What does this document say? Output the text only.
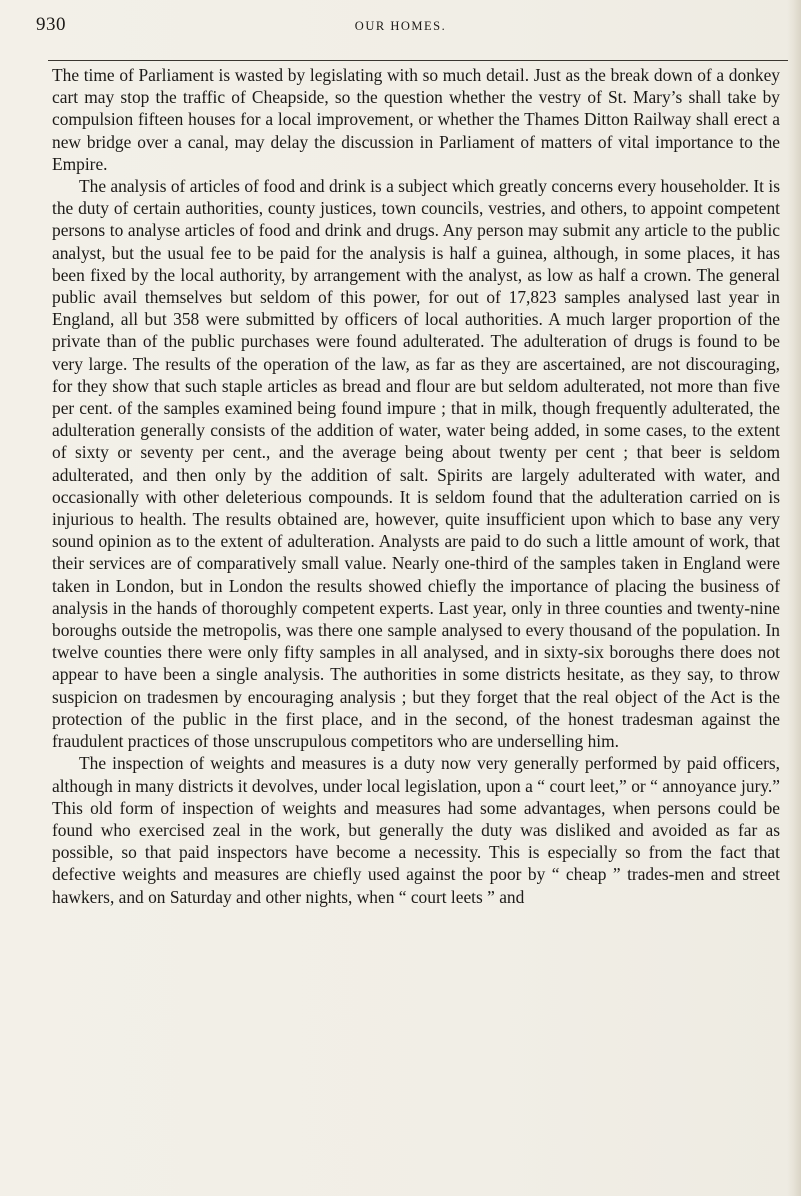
930	OUR HOMES.

The time of Parliament is wasted by legislating with so much detail. Just as the break down of a donkey cart may stop the traffic of Cheapside, so the question whether the vestry of St. Mary’s shall take by compulsion fifteen houses for a local improvement, or whether the Thames Ditton Railway shall erect a new bridge over a canal, may delay the discussion in Parliament of matters of vital importance to the Empire.

The analysis of articles of food and drink is a subject which greatly concerns every householder. It is the duty of certain authorities, county justices, town councils, vestries, and others, to appoint competent persons to analyse articles of food and drink and drugs. Any person may submit any article to the public analyst, but the usual fee to be paid for the analysis is half a guinea, although, in some places, it has been fixed by the local authority, by arrangement with the analyst, as low as half a crown. The general public avail themselves but seldom of this power, for out of 17,823 samples analysed last year in England, all but 358 were submitted by officers of local authorities. A much larger proportion of the private than of the public purchases were found adulterated. The adulteration of drugs is found to be very large. The results of the operation of the law, as far as they are ascertained, are not discouraging, for they show that such staple articles as bread and flour are but seldom adulterated, not more than five per cent. of the samples examined being found impure ; that in milk, though frequently adulterated, the adulteration generally consists of the addition of water, water being added, in some cases, to the extent of sixty or seventy per cent., and the average being about twenty per cent ; that beer is seldom adulterated, and then only by the addition of salt. Spirits are largely adulterated with water, and occasionally with other deleterious compounds. It is seldom found that the adulteration carried on is injurious to health. The results obtained are, however, quite insufficient upon which to base any very sound opinion as to the extent of adulteration. Analysts are paid to do such a little amount of work, that their services are of comparatively small value. Nearly one-third of the samples taken in England were taken in London, but in London the results showed chiefly the importance of placing the business of analysis in the hands of thoroughly competent experts. Last year, only in three counties and twenty-nine boroughs outside the metropolis, was there one sample analysed to every thousand of the population. In twelve counties there were only fifty samples in all analysed, and in sixty-six boroughs there does not appear to have been a single analysis. The authorities in some districts hesitate, as they say, to throw suspicion on tradesmen by encouraging analysis ; but they forget that the real object of the Act is the protection of the public in the first place, and in the second, of the honest tradesman against the fraudulent practices of those unscrupulous competitors who are underselling him.

The inspection of weights and measures is a duty now very generally performed by paid officers, although in many districts it devolves, under local legislation, upon a “ court leet,” or “ annoyance jury.” This old form of inspection of weights and measures had some advantages, when persons could be found who exercised zeal in the work, but generally the duty was disliked and avoided as far as possible, so that paid inspectors have become a necessity. This is especially so from the fact that defective weights and measures are chiefly used against the poor by “ cheap ” trades-men and street hawkers, and on Saturday and other nights, when “ court leets ” and
